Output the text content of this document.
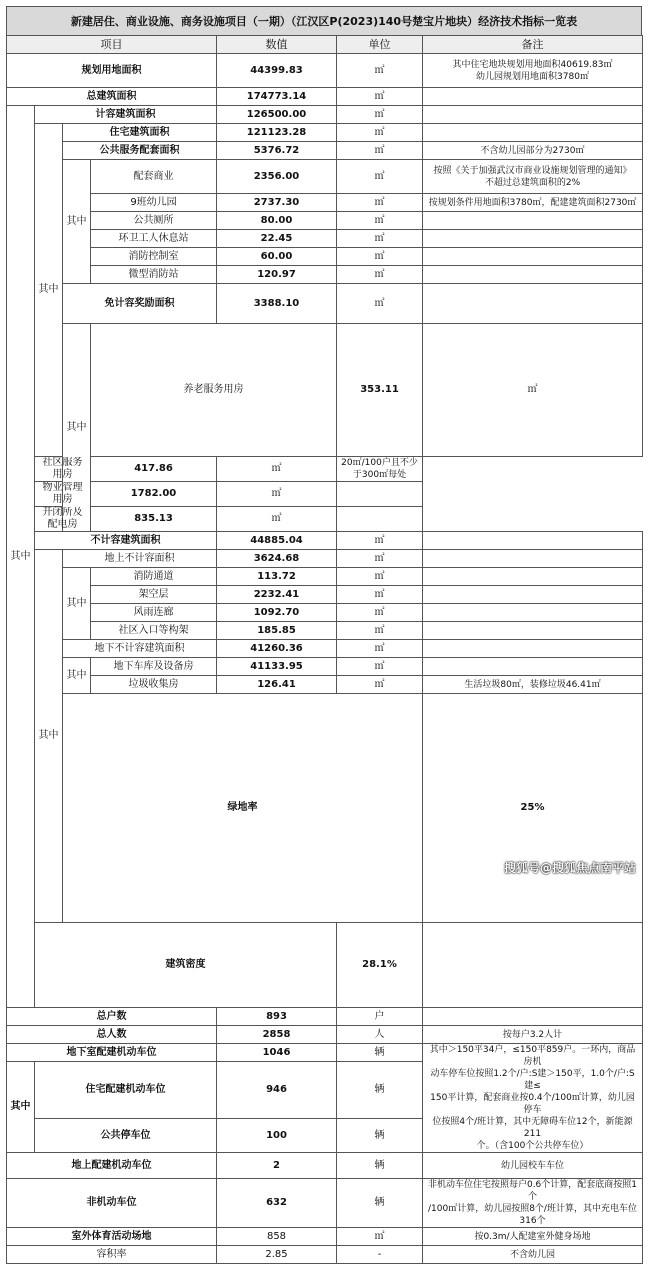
新建居住、商业设施、商务设施项目（一期）（江汉区P(2023)140号楚宝片地块）经济技术指标一览表
项目				数值	单位	备注	
规划用地面积				44399.83	㎡	其中住宅地块规划用地面积40619.83㎡
幼儿园规划用地面积3780㎡	

总建筑面积				174773.14	㎡		
其中	计容建筑面积			126500.00	㎡		
	其中	住宅建筑面积		121123.28	㎡		
		公共服务配套面积		5376.72	㎡	不含幼儿园部分为2730㎡	
		其中	配套商业	2356.00	㎡	按照《关于加强武汉市商业设施规划管理的通知》
不超过总建筑面积的2%	

			9班幼儿园	2737.30	㎡	按规划条件用地面积3780㎡，配建建筑面积2730㎡	
			公共厕所	80.00	㎡		
			环卫工人休息站	22.45	㎡		
			消防控制室	60.00	㎡		
			微型消防站	120.97	㎡		
		免计容奖励面积		3388.10	㎡		
		其中	养老服务用房		353.11	㎡	
	社区服务用房		417.86	㎡	20㎡/100户且不少于300㎡每处		
	物业管理用房		1782.00	㎡			
	开闭所及配电房		835.13	㎡			
	不计容建筑面积			44885.04	㎡		
	其中	地上不计容面积		3624.68	㎡		
		其中	消防通道	113.72	㎡		
			架空层	2232.41	㎡		
			风雨连廊	1092.70	㎡		
			社区入口等构架	185.85	㎡		
		地下不计容建筑面积		41260.36	㎡		
		其中	地下车库及设备房	41133.95	㎡		
			垃圾收集房	126.41	㎡	生活垃圾80㎡，装修垃圾46.41㎡	
		绿地率				25%		
	建筑密度				28.1%		
总户数				893	户		
总人数				2858	人	按每户3.2人计	
地下室配建机动车位				1046	辆	其中＞150平34户，≤150平859户。一环内，商品房机
动车停车位按照1.2个/户:S建＞150平，1.0个/户:S建≤
150平计算，配套商业按0.4个/100㎡计算，幼儿园停车
位按照4个/班计算，其中无障碍车位12个，新能源211
个。（含100个公共停车位）	

其中	住宅配建机动车位			946	辆		
	公共停车位			100	辆		
地上配建机动车位				2	辆	幼儿园校车车位	
非机动车位				632	辆	非机动车位住宅按照每户0.6个计算，配套底商按照1个
/100㎡计算，幼儿园按照8个/班计算，其中充电车位
316个	

室外体育活动场地				858	㎡	按0.3m/人配建室外健身场地	
容积率				2.85	-	不含幼儿园	
搜狐号@搜狐焦点南平站
